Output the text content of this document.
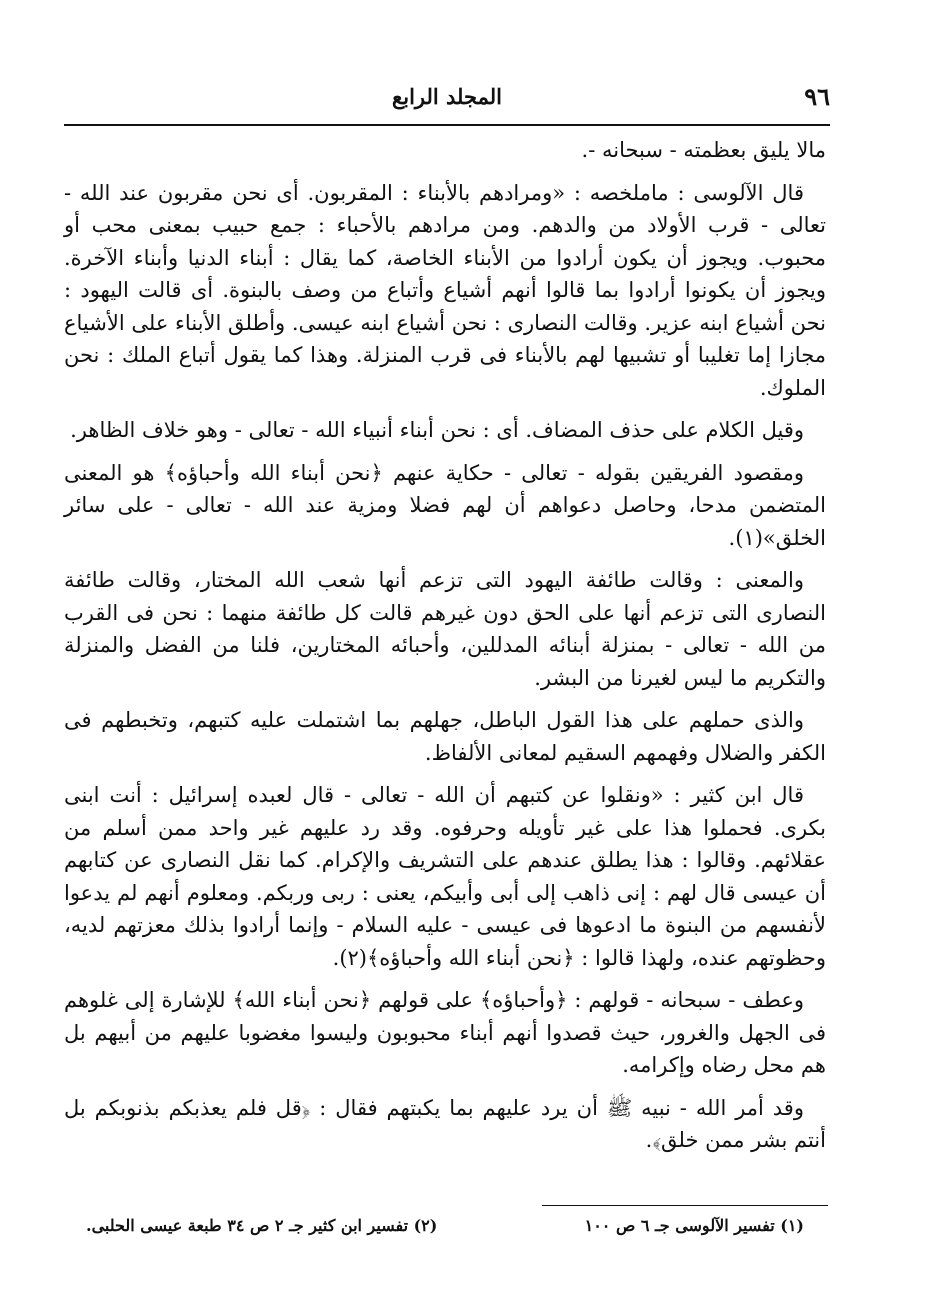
٩٦
المجلد الرابع

مالا يليق بعظمته - سبحانه -.

قال الآلوسى : ماملخصه : «ومرادهم بالأبناء : المقربون. أى نحن مقربون عند الله - تعالى - قرب الأولاد من والدهم. ومن مرادهم بالأحباء : جمع حبيب بمعنى محب أو محبوب. ويجوز أن يكون أرادوا من الأبناء الخاصة، كما يقال : أبناء الدنيا وأبناء الآخرة. ويجوز أن يكونوا أرادوا بما قالوا أنهم أشياع وأتباع من وصف بالبنوة. أى قالت اليهود : نحن أشياع ابنه عزير. وقالت النصارى : نحن أشياع ابنه عيسى. وأطلق الأبناء على الأشياع مجازا إما تغليبا أو تشبيها لهم بالأبناء فى قرب المنزلة. وهذا كما يقول أتباع الملك : نحن الملوك.

وقيل الكلام على حذف المضاف. أى : نحن أبناء أنبياء الله - تعالى - وهو خلاف الظاهر.

ومقصود الفريقين بقوله - تعالى - حكاية عنهم ﴿نحن أبناء الله وأحباؤه﴾ هو المعنى المتضمن مدحا، وحاصل دعواهم أن لهم فضلا ومزية عند الله - تعالى - على سائر الخلق»(١).

والمعنى : وقالت طائفة اليهود التى تزعم أنها شعب الله المختار، وقالت طائفة النصارى التى تزعم أنها على الحق دون غيرهم قالت كل طائفة منهما : نحن فى القرب من الله - تعالى - بمنزلة أبنائه المدللين، وأحبائه المختارين، فلنا من الفضل والمنزلة والتكريم ما ليس لغيرنا من البشر.

والذى حملهم على هذا القول الباطل، جهلهم بما اشتملت عليه كتبهم، وتخبطهم فى الكفر والضلال وفهمهم السقيم لمعانى الألفاظ.

قال ابن كثير : «ونقلوا عن كتبهم أن الله - تعالى - قال لعبده إسرائيل : أنت ابنى بكرى. فحملوا هذا على غير تأويله وحرفوه. وقد رد عليهم غير واحد ممن أسلم من عقلائهم. وقالوا : هذا يطلق عندهم على التشريف والإكرام. كما نقل النصارى عن كتابهم أن عيسى قال لهم : إنى ذاهب إلى أبى وأبيكم، يعنى : ربى وربكم. ومعلوم أنهم لم يدعوا لأنفسهم من البنوة ما ادعوها فى عيسى - عليه السلام - وإنما أرادوا بذلك معزتهم لديه، وحظوتهم عنده، ولهذا قالوا : ﴿نحن أبناء الله وأحباؤه﴾(٢).

وعطف - سبحانه - قولهم : ﴿وأحباؤه﴾ على قولهم ﴿نحن أبناء الله﴾ للإشارة إلى غلوهم فى الجهل والغرور، حيث قصدوا أنهم أبناء محبوبون وليسوا مغضوبا عليهم من أبيهم بل هم محل رضاه وإكرامه.

وقد أمر الله - نبيه ﷺ أن يرد عليهم بما يكبتهم فقال : ﴿قل فلم يعذبكم بذنوبكم بل أنتم بشر ممن خلق﴾.

(١) تفسير الآلوسى جـ ٦ ص ١٠٠
(٢) تفسير ابن كثير جـ ٢ ص ٣٤ طبعة عيسى الحلبى.
